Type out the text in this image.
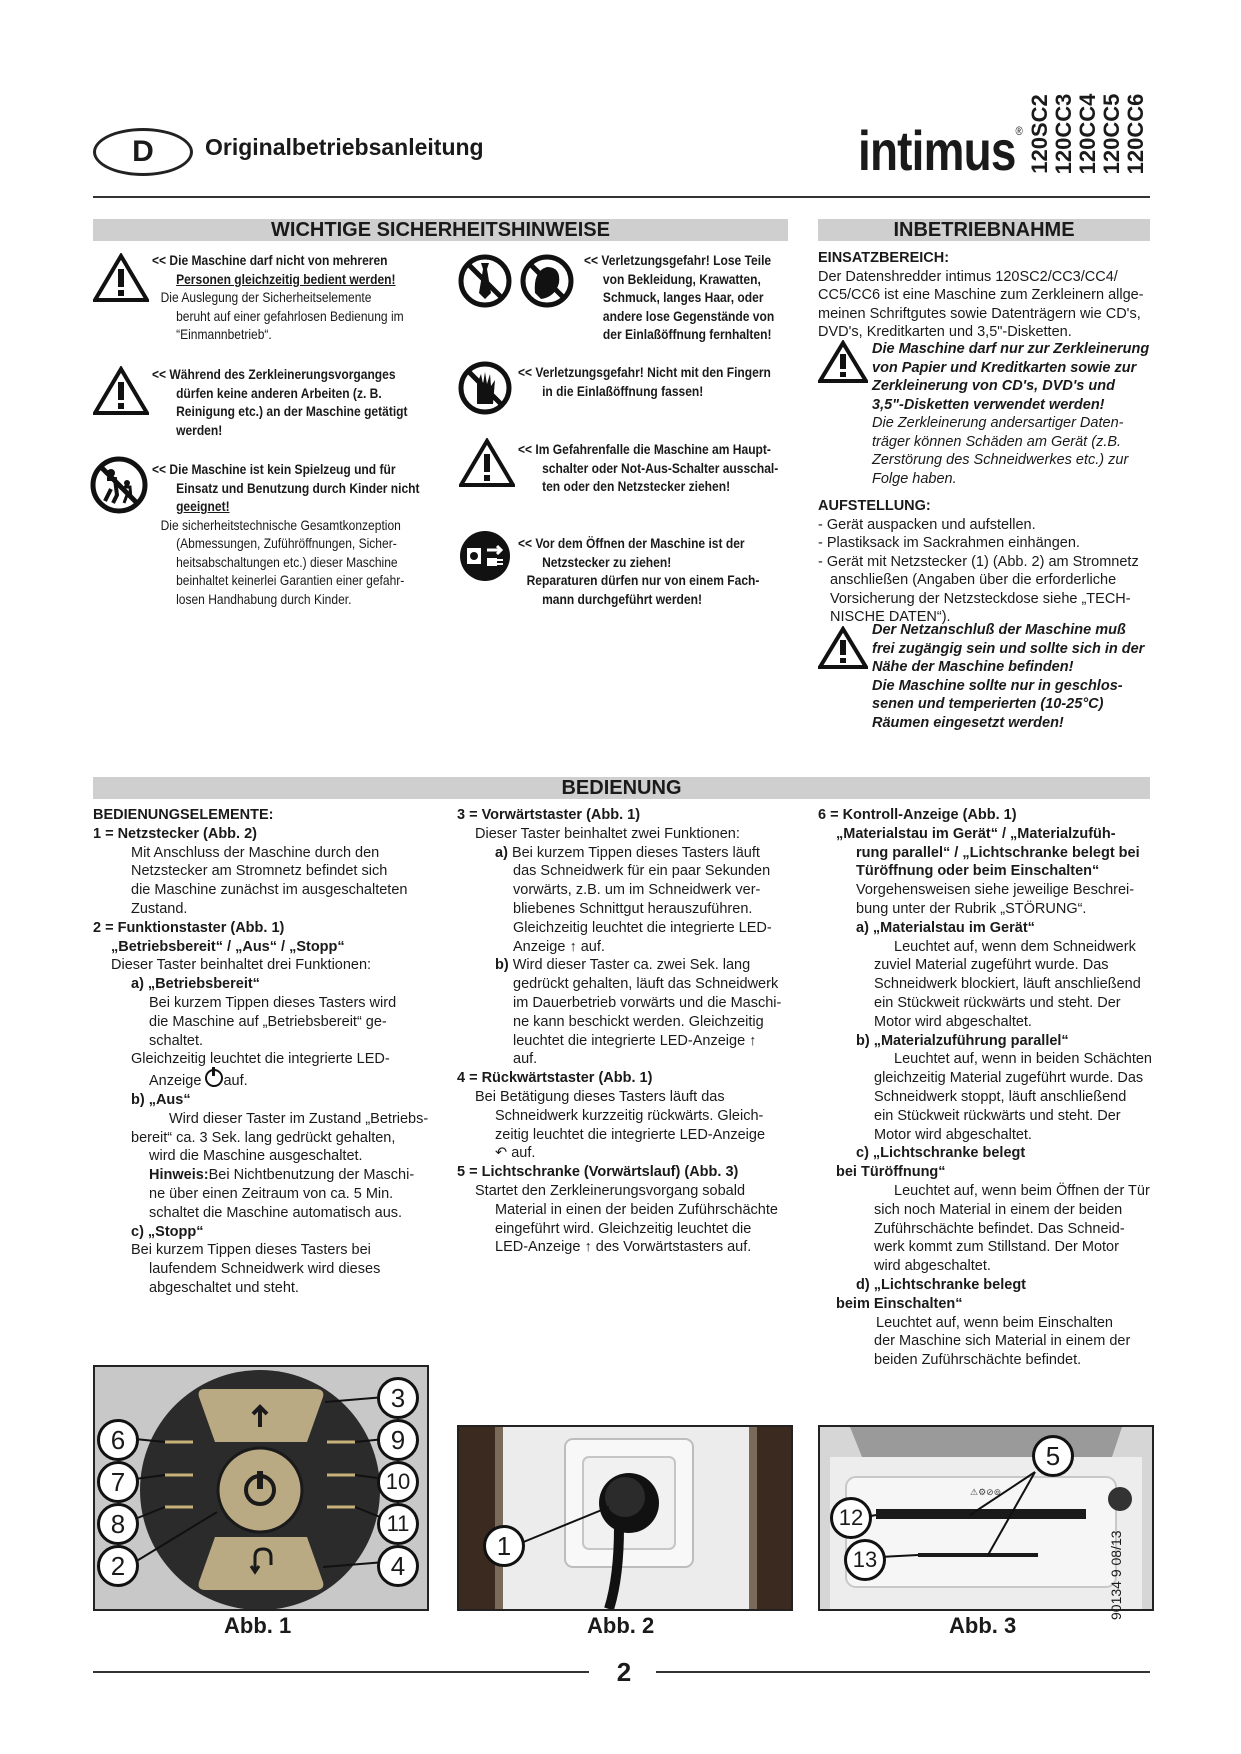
D Originalbetriebsanleitung	intimus® 120SC2 120CC3 120CC4 120CC5 120CC6
WICHTIGE SICHERHEITSHINWEISE
<< Die Maschine darf nicht von mehreren
Personen gleichzeitig bedient werden!
Die Auslegung der Sicherheitselemente
beruht auf einer gefahrlosen Bedienung im
“Einmannbetrieb“.
<< Während des Zerkleinerungsvorganges
dürfen keine anderen Arbeiten (z. B.
Reinigung etc.) an der Maschine getätigt
werden!
<< Die Maschine ist kein Spielzeug und für
Einsatz und Benutzung durch Kinder nicht
geeignet!
Die sicherheitstechnische Gesamtkonzeption
(Abmessungen, Zuführöffnungen, Sicher-
heitsabschaltungen etc.) dieser Maschine
beinhaltet keinerlei Garantien einer gefahr-
losen Handhabung durch Kinder.
<< Verletzungsgefahr! Lose Teile
von Bekleidung, Krawatten,
Schmuck, langes Haar, oder
andere lose Gegenstände von
der Einlaßöffnung fernhalten!
<< Verletzungsgefahr! Nicht mit den Fingern
in die Einlaßöffnung fassen!
<< Im Gefahrenfalle die Maschine am Haupt-
schalter oder Not-Aus-Schalter ausschal-
ten oder den Netzstecker ziehen!
<< Vor dem Öffnen der Maschine ist der
Netzstecker zu ziehen!
Reparaturen dürfen nur von einem Fach-
mann durchgeführt werden!
INBETRIEBNAHME
EINSATZBEREICH:
Der Datenshredder intimus 120SC2/CC3/CC4/
CC5/CC6 ist eine Maschine zum Zerkleinern allge-
meinen Schriftgutes sowie Datenträgern wie CD's,
DVD's, Kreditkarten und 3,5"-Disketten.
Die Maschine darf nur zur Zerkleinerung
von Papier und Kreditkarten sowie zur
Zerkleinerung von CD's, DVD's und
3,5"-Disketten verwendet werden!
Die Zerkleinerung andersartiger Daten-
träger können Schäden am Gerät (z.B.
Zerstörung des Schneidwerkes etc.) zur
Folge haben.
AUFSTELLUNG:
- Gerät auspacken und aufstellen.
- Plastiksack im Sackrahmen einhängen.
- Gerät mit Netzstecker (1) (Abb. 2) am Stromnetz
anschließen (Angaben über die erforderliche
Vorsicherung der Netzsteckdose siehe „TECH-
NISCHE DATEN“).
Der Netzanschluß der Maschine muß
frei zugängig sein und sollte sich in der
Nähe der Maschine befinden!
Die Maschine sollte nur in geschlos-
senen und temperierten (10-25°C)
Räumen eingesetzt werden!
BEDIENUNG

BEDIENUNGSELEMENTE:

1 = Netzstecker (Abb. 2)

Mit Anschluss der Maschine durch den

Netzstecker am Stromnetz befindet sich

die Maschine zunächst im ausgeschalteten

Zustand.

2 = Funktionstaster (Abb. 1)

„Betriebsbereit“ / „Aus“ / „Stopp“

Dieser Taster beinhaltet drei Funktionen:

a) „Betriebsbereit“

Bei kurzem Tippen dieses Tasters wird

die Maschine auf „Betriebsbereit“ ge-

schaltet.

Gleichzeitig leuchtet die integrierte LED-

Anzeige auf.

b) „Aus“

Wird dieser Taster im Zustand „Betriebs-

bereit“ ca. 3 Sek. lang gedrückt gehalten,

wird die Maschine ausgeschaltet.

Hinweis:Bei Nichtbenutzung der Maschi-

ne über einen Zeitraum von ca. 5 Min.

schaltet die Maschine automatisch aus.

c) „Stopp“

Bei kurzem Tippen dieses Tasters bei

laufendem Schneidwerk wird dieses

abgeschaltet und steht.

3 = Vorwärtstaster (Abb. 1)

Dieser Taster beinhaltet zwei Funktionen:

a) Bei kurzem Tippen dieses Tasters läuft

das Schneidwerk für ein paar Sekunden

vorwärts, z.B. um im Schneidwerk ver-

bliebenes Schnittgut herauszuführen.

Gleichzeitig leuchtet die integrierte LED-

Anzeige ↑ auf.

b) Wird dieser Taster ca. zwei Sek. lang

gedrückt gehalten, läuft das Schneidwerk

im Dauerbetrieb vorwärts und die Maschi-

ne kann beschickt werden. Gleichzeitig

leuchtet die integrierte LED-Anzeige ↑

auf.

4 = Rückwärtstaster (Abb. 1)

Bei Betätigung dieses Tasters läuft das

Schneidwerk kurzzeitig rückwärts. Gleich-

zeitig leuchtet die integrierte LED-Anzeige

↶ auf.

5 = Lichtschranke (Vorwärtslauf) (Abb. 3)

Startet den Zerkleinerungsvorgang sobald

Material in einen der beiden Zuführschächte

eingeführt wird. Gleichzeitig leuchtet die

LED-Anzeige ↑ des Vorwärtstasters auf.

6 = Kontroll-Anzeige (Abb. 1)

„Materialstau im Gerät“ / „Materialzufüh-

rung parallel“ / „Lichtschranke belegt bei

Türöffnung oder beim Einschalten“

Vorgehensweisen siehe jeweilige Beschrei-

bung unter der Rubrik „STÖRUNG“.

a) „Materialstau im Gerät“

Leuchtet auf, wenn dem Schneidwerk

zuviel Material zugeführt wurde. Das

Schneidwerk blockiert, läuft anschließend

ein Stückweit rückwärts und steht. Der

Motor wird abgeschaltet.

b) „Materialzuführung parallel“

Leuchtet auf, wenn in beiden Schächten

gleichzeitig Material zugeführt wurde. Das

Schneidwerk stoppt, läuft anschließend

ein Stückweit rückwärts und steht. Der

Motor wird abgeschaltet.

c) „Lichtschranke belegt

bei Türöffnung“

Leuchtet auf, wenn beim Öffnen der Tür

sich noch Material in einem der beiden

Zuführschächte befindet. Das Schneid-

werk kommt zum Stillstand. Der Motor

wird abgeschaltet.

d) „Lichtschranke belegt

beim Einschalten“

Leuchtet auf, wenn beim Einschalten

der Maschine sich Material in einem der

beiden Zuführschächte befindet.

3
6	9
7	10
8	11
2	4
Abb. 1
1
Abb. 2
⚠⚙⊘⊚
5
12
13
Abb. 3
2
90134 9 08/13
